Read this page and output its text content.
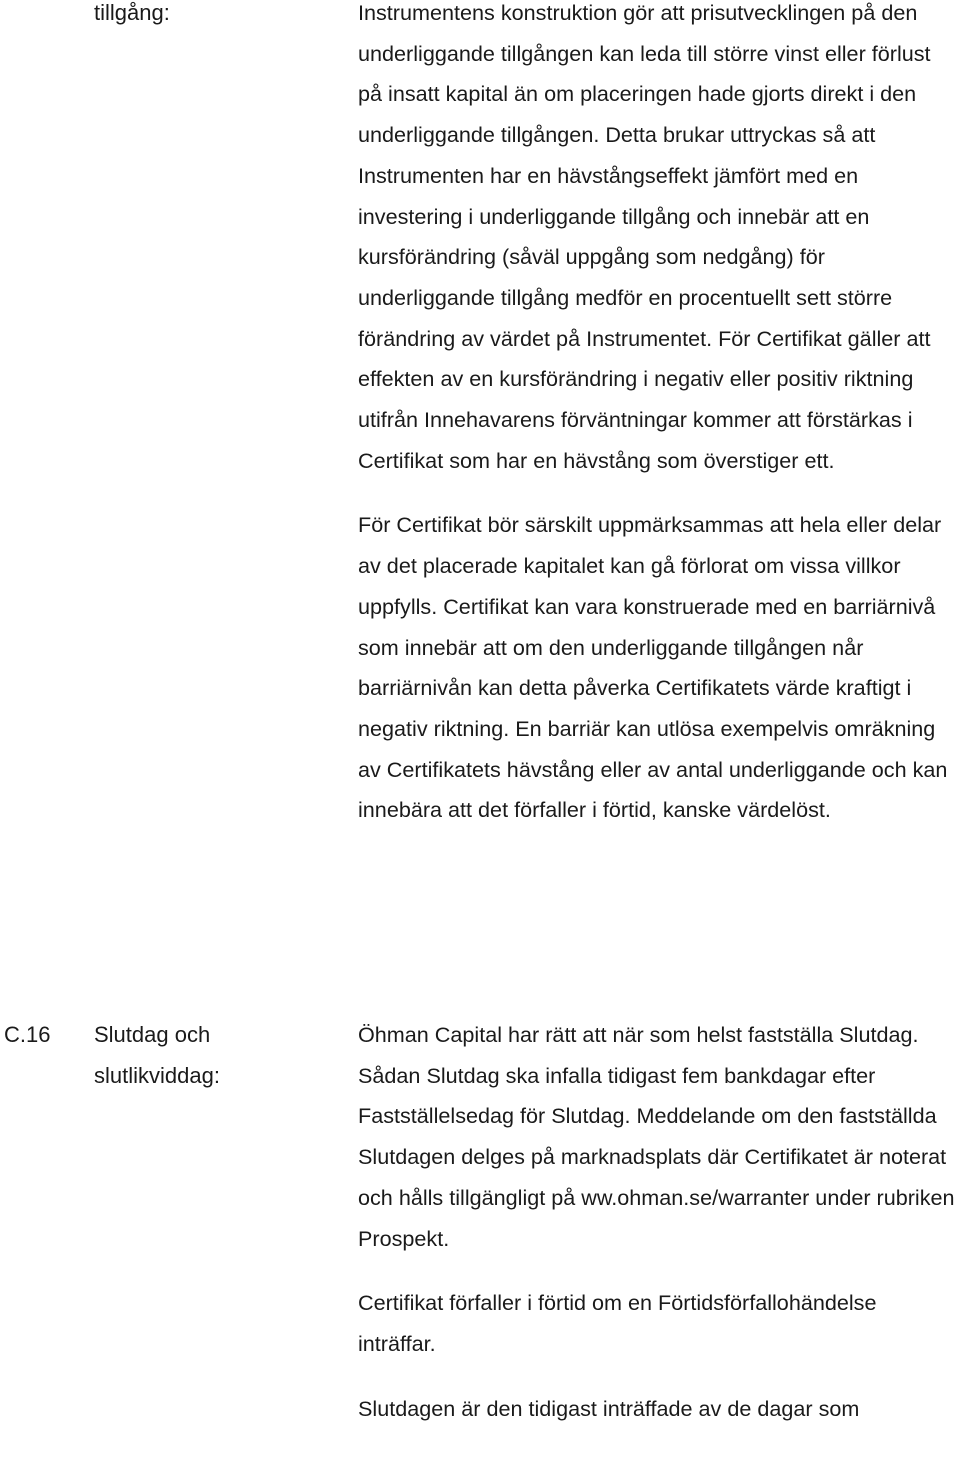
tillgång:	Instrumentens konstruktion gör att prisutvecklingen på den underliggande tillgången kan leda till större vinst eller förlust på insatt kapital än om placeringen hade gjorts direkt i den underliggande tillgången. Detta brukar uttryckas så att Instrumenten har en hävstångseffekt jämfört med en investering i underliggande tillgång och innebär att en kursförändring (såväl uppgång som nedgång) för underliggande tillgång medför en procentuellt sett större förändring av värdet på Instrumentet. För Certifikat gäller att effekten av en kursförändring i negativ eller positiv riktning utifrån Innehavarens förväntningar kommer att förstärkas i Certifikat som har en hävstång som överstiger ett.

För Certifikat bör särskilt uppmärksammas att hela eller delar av det placerade kapitalet kan gå förlorat om vissa villkor uppfylls. Certifikat kan vara konstruerade med en barriärnivå som innebär att om den underliggande tillgången når barriärnivån kan detta påverka Certifikatets värde kraftigt i negativ riktning. En barriär kan utlösa exempelvis omräkning av Certifikatets hävstång eller av antal underliggande och kan innebära att det förfaller i förtid, kanske värdelöst.

C.16 Slutdag och slutlikviddag:

Öhman Capital har rätt att när som helst fastställa Slutdag. Sådan Slutdag ska infalla tidigast fem bankdagar efter Fastställelsedag för Slutdag. Meddelande om den fastställda Slutdagen delges på marknadsplats där Certifikatet är noterat och hålls tillgängligt på ww.ohman.se/warranter under rubriken Prospekt.

Certifikat förfaller i förtid om en Förtidsförfallohändelse inträffar.

Slutdagen är den tidigast inträffade av de dagar som
